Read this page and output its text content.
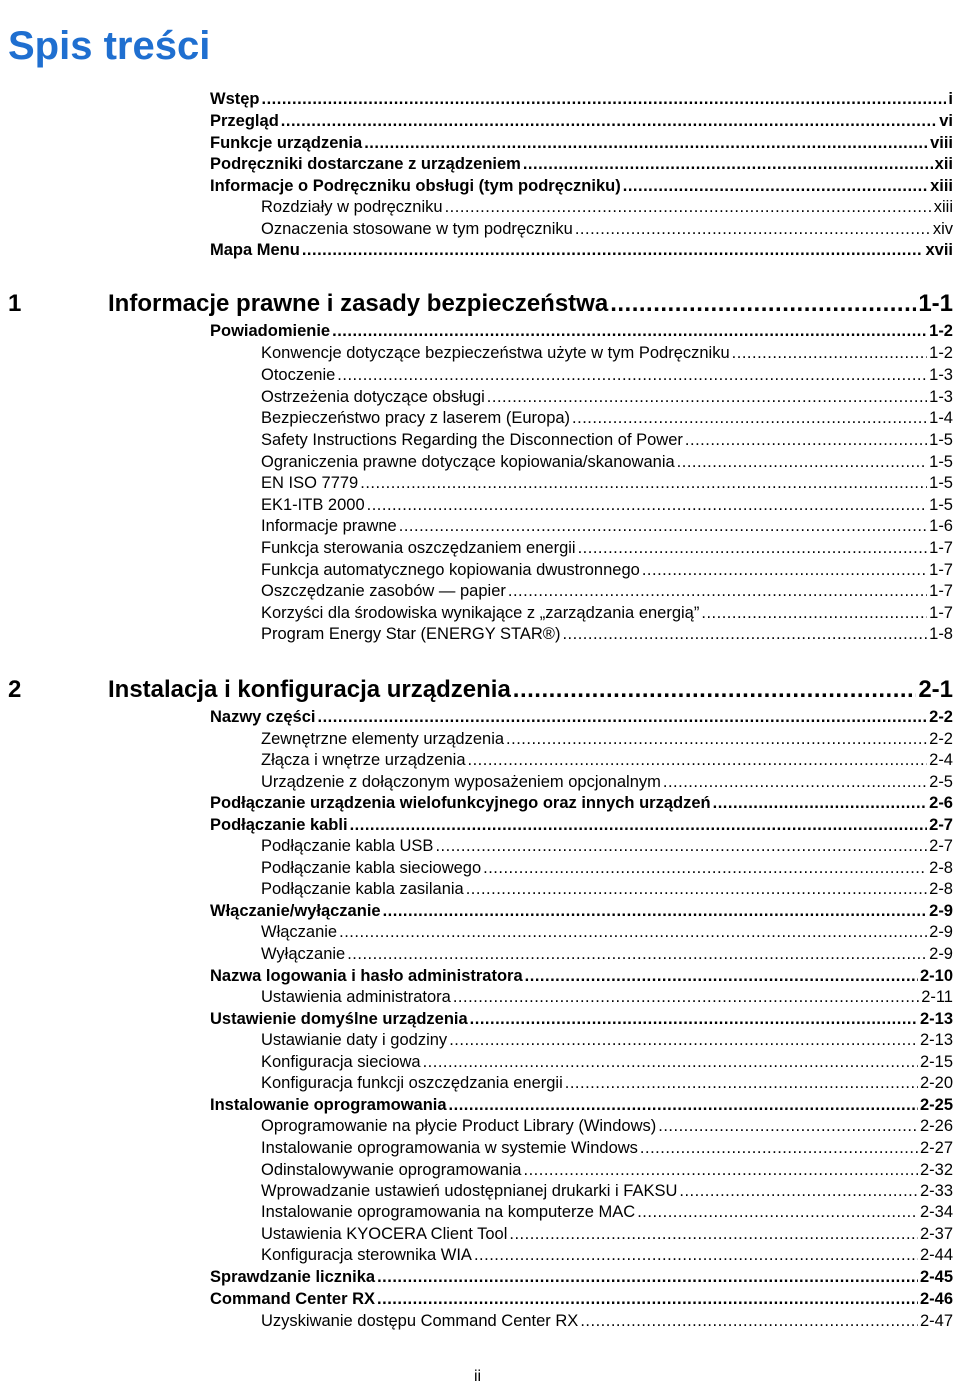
Spis treści
Wstęp .....	i
Przegląd .....	vi
Funkcje urządzenia .....	viii
Podręczniki dostarczane z urządzeniem .....	xii
Informacje o Podręczniku obsługi (tym podręczniku) .....	xiii
Rozdziały w podręczniku .....	xiii
Oznaczenia stosowane w tym podręczniku .....	xiv
Mapa Menu .....	xvii
1	Informacje prawne i zasady bezpieczeństwa .....	1-1
Powiadomienie .....	1-2
Konwencje dotyczące bezpieczeństwa użyte w tym Podręczniku .....	1-2
Otoczenie .....	1-3
Ostrzeżenia dotyczące obsługi .....	1-3
Bezpieczeństwo pracy z laserem (Europa) .....	1-4
Safety Instructions Regarding the Disconnection of Power .....	1-5
Ograniczenia prawne dotyczące kopiowania/skanowania .....	1-5
EN ISO 7779 .....	1-5
EK1-ITB 2000 .....	1-5
Informacje prawne .....	1-6
Funkcja sterowania oszczędzaniem energii .....	1-7
Funkcja automatycznego kopiowania dwustronnego .....	1-7
Oszczędzanie zasobów — papier .....	1-7
Korzyści dla środowiska wynikające z „zarządzania energią” .....	1-7
Program Energy Star (ENERGY STAR®) .....	1-8
2	Instalacja i konfiguracja urządzenia .....	2-1
Nazwy części .....	2-2
Zewnętrzne elementy urządzenia .....	2-2
Złącza i wnętrze urządzenia .....	2-4
Urządzenie z dołączonym wyposażeniem opcjonalnym .....	2-5
Podłączanie urządzenia wielofunkcyjnego oraz innych urządzeń .....	2-6
Podłączanie kabli .....	2-7
Podłączanie kabla USB .....	2-7
Podłączanie kabla sieciowego .....	2-8
Podłączanie kabla zasilania .....	2-8
Włączanie/wyłączanie .....	2-9
Włączanie .....	2-9
Wyłączanie .....	2-9
Nazwa logowania i hasło administratora .....	2-10
Ustawienia administratora .....	2-11
Ustawienie domyślne urządzenia .....	2-13
Ustawianie daty i godziny .....	2-13
Konfiguracja sieciowa .....	2-15
Konfiguracja funkcji oszczędzania energii .....	2-20
Instalowanie oprogramowania .....	2-25
Oprogramowanie na płycie Product Library (Windows) .....	2-26
Instalowanie oprogramowania w systemie Windows .....	2-27
Odinstalowywanie oprogramowania .....	2-32
Wprowadzanie ustawień udostępnianej drukarki i FAKSU .....	2-33
Instalowanie oprogramowania na komputerze MAC .....	2-34
Ustawienia KYOCERA Client Tool .....	2-37
Konfiguracja sterownika WIA .....	2-44
Sprawdzanie licznika .....	2-45
Command Center RX .....	2-46
Uzyskiwanie dostępu Command Center RX .....	2-47
ii
